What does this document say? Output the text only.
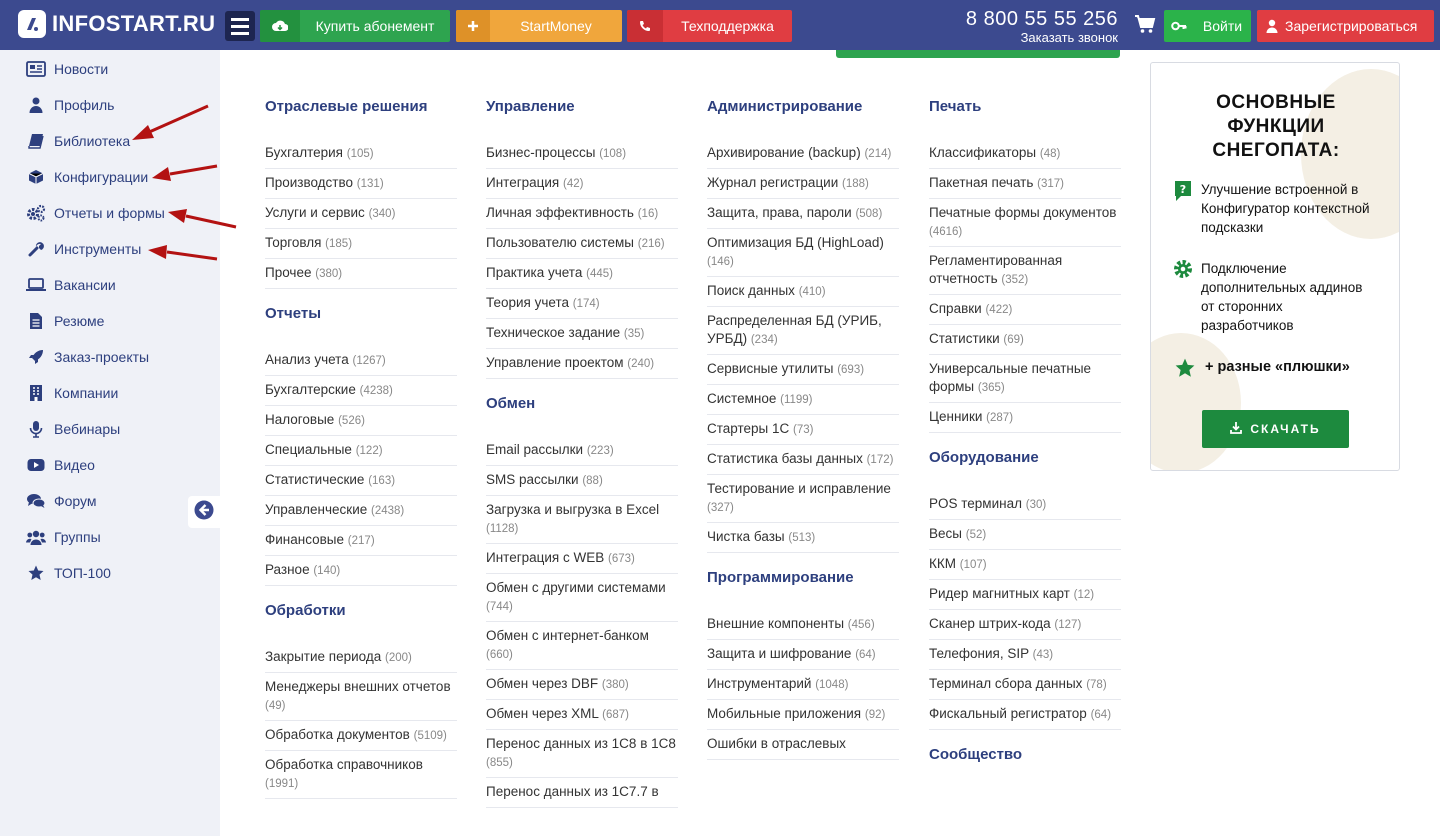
INFOSTART.RU	Купить абонемент	StartMoney	Техподдержка	8 800 55 55 256
Заказать звонок
Войти	Зарегистрироваться
Новости
Профиль
Библиотека
Конфигурации
Отчеты и формы
Инструменты
Вакансии
Резюме
Заказ-проекты
Компании
Вебинары
Видео
Форум
Группы
ТОП-100
Отраслевые решения
Бухгалтерия (105)
Производство (131)
Услуги и сервис (340)
Торговля (185)
Прочее (380)
Отчеты
Анализ учета (1267)
Бухгалтерские (4238)
Налоговые (526)
Специальные (122)
Статистические (163)
Управленческие (2438)
Финансовые (217)
Разное (140)
Обработки
Закрытие периода (200)
Менеджеры внешних отчетов (49)
Обработка документов (5109)
Обработка справочников (1991)
Управление
Бизнес-процессы (108)
Интеграция (42)
Личная эффективность (16)
Пользователю системы (216)
Практика учета (445)
Теория учета (174)
Техническое задание (35)
Управление проектом (240)
Обмен
Email рассылки (223)
SMS рассылки (88)
Загрузка и выгрузка в Excel (1128)
Интеграция с WEB (673)
Обмен с другими системами (744)
Обмен с интернет-банком (660)
Обмен через DBF (380)
Обмен через XML (687)
Перенос данных из 1С8 в 1С8 (855)
Перенос данных из 1С7.7 в
Администрирование
Архивирование (backup) (214)
Журнал регистрации (188)
Защита, права, пароли (508)
Оптимизация БД (HighLoad) (146)
Поиск данных (410)
Распределенная БД (УРИБ, УРБД) (234)
Сервисные утилиты (693)
Системное (1199)
Стартеры 1С (73)
Статистика базы данных (172)
Тестирование и исправление (327)
Чистка базы (513)
Программирование
Внешние компоненты (456)
Защита и шифрование (64)
Инструментарий (1048)
Мобильные приложения (92)
Ошибки в отраслевых
Печать
Классификаторы (48)
Пакетная печать (317)
Печатные формы документов (4616)
Регламентированная отчетность (352)
Справки (422)
Статистики (69)
Универсальные печатные формы (365)
Ценники (287)
Оборудование
POS терминал (30)
Весы (52)
ККМ (107)
Ридер магнитных карт (12)
Сканер штрих-кода (127)
Телефония, SIP (43)
Терминал сбора данных (78)
Фискальный регистратор (64)
Сообщество
ОСНОВНЫЕ
ФУНКЦИИ
СНЕГОПАТА:
? Улучшение встроенной в Конфигуратор контекстной подсказки
Подключение дополнительных аддинов от сторонних разработчиков
+ разные «плюшки»
СКАЧАТЬ
